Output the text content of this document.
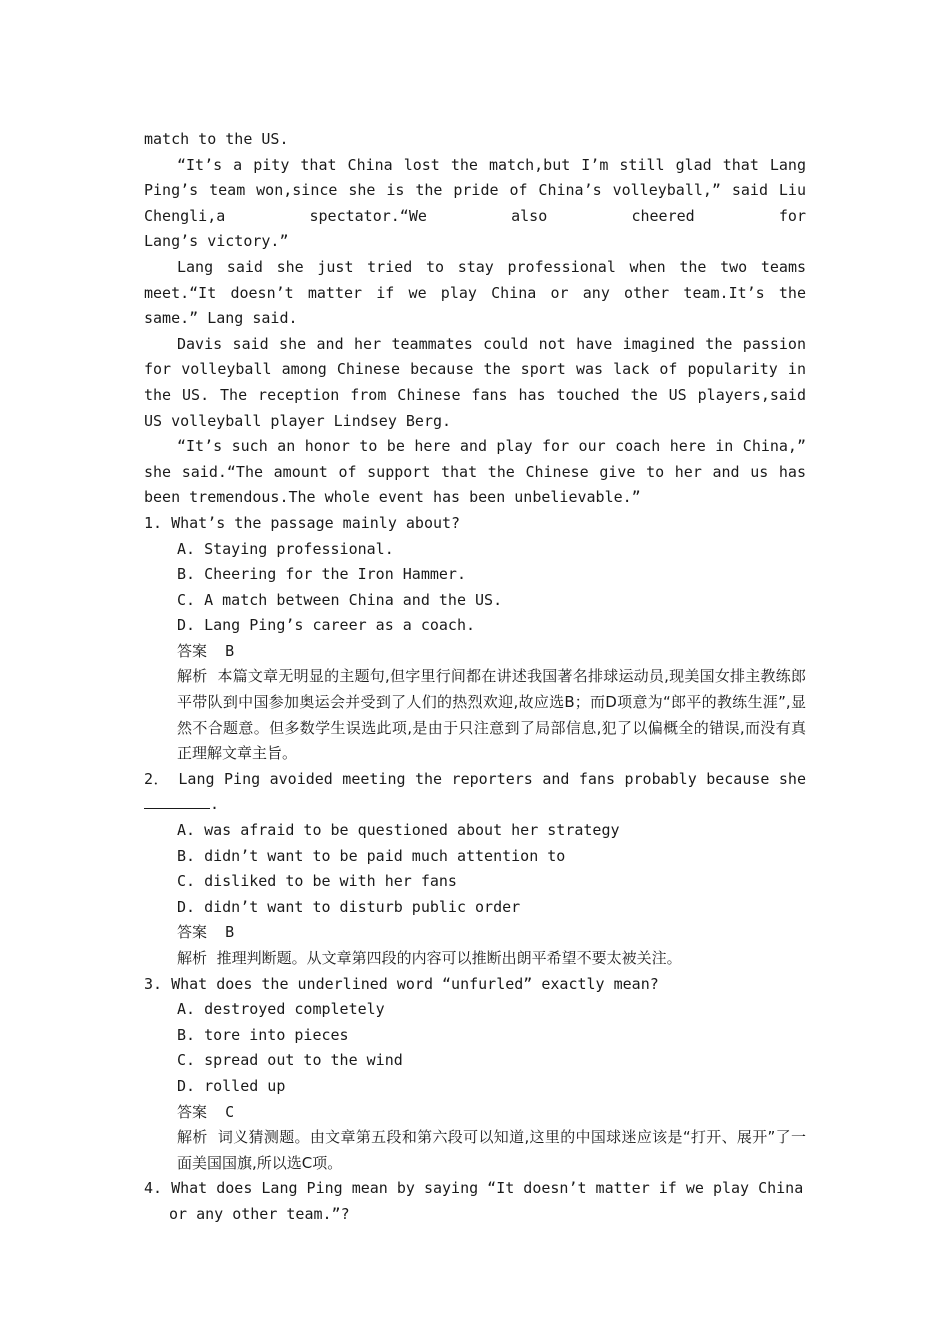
match to the US.
“It’s a pity that China lost the match,but I’m still glad that Lang Ping’s team won,since she is the pride of China’s volleyball,” said Liu Chengli,a spectator.“We also cheered for
Lang’s victory.”
Lang said she just tried to stay professional when the two teams meet.“It doesn’t matter if we play China or any other team.It’s the same.” Lang said.
Davis said she and her teammates could not have imagined the passion for volleyball among Chinese because the sport was lack of popularity in the US. The reception from Chinese fans has touched the US players,said US volleyball player Lindsey Berg.
“It’s such an honor to be here and play for our coach here in China,” she said.“The amount of support that the Chinese give to her and us has been tremendous.The whole event has been unbelievable.”
1. What’s the passage mainly about?
A. Staying professional.
B. Cheering for the Iron Hammer.
C. A match between China and the US.
D. Lang Ping’s career as a coach.
答案 B
解析 本篇文章无明显的主题句,但字里行间都在讲述我国著名排球运动员,现美国女排主教练郎平带队到中国参加奥运会并受到了人们的热烈欢迎,故应选B；而D项意为“郎平的教练生涯”,显然不合题意。但多数学生误选此项,是由于只注意到了局部信息,犯了以偏概全的错误,而没有真正理解文章主旨。
2． Lang Ping avoided meeting the reporters and fans probably because she
.
A. was afraid to be questioned about her strategy
B. didn’t want to be paid much attention to
C. disliked to be with her fans
D. didn’t want to disturb public order
答案 B
解析 推理判断题。从文章第四段的内容可以推断出朗平希望不要太被关注。
3. What does the underlined word “unfurled” exactly mean?
A. destroyed completely
B. tore into pieces
C. spread out to the wind
D. rolled up
答案 C
解析 词义猜测题。由文章第五段和第六段可以知道,这里的中国球迷应该是“打开、展开”了一面美国国旗,所以选C项。
4. What does Lang Ping mean by saying “It doesn’t matter if we play China or any other team.”?
